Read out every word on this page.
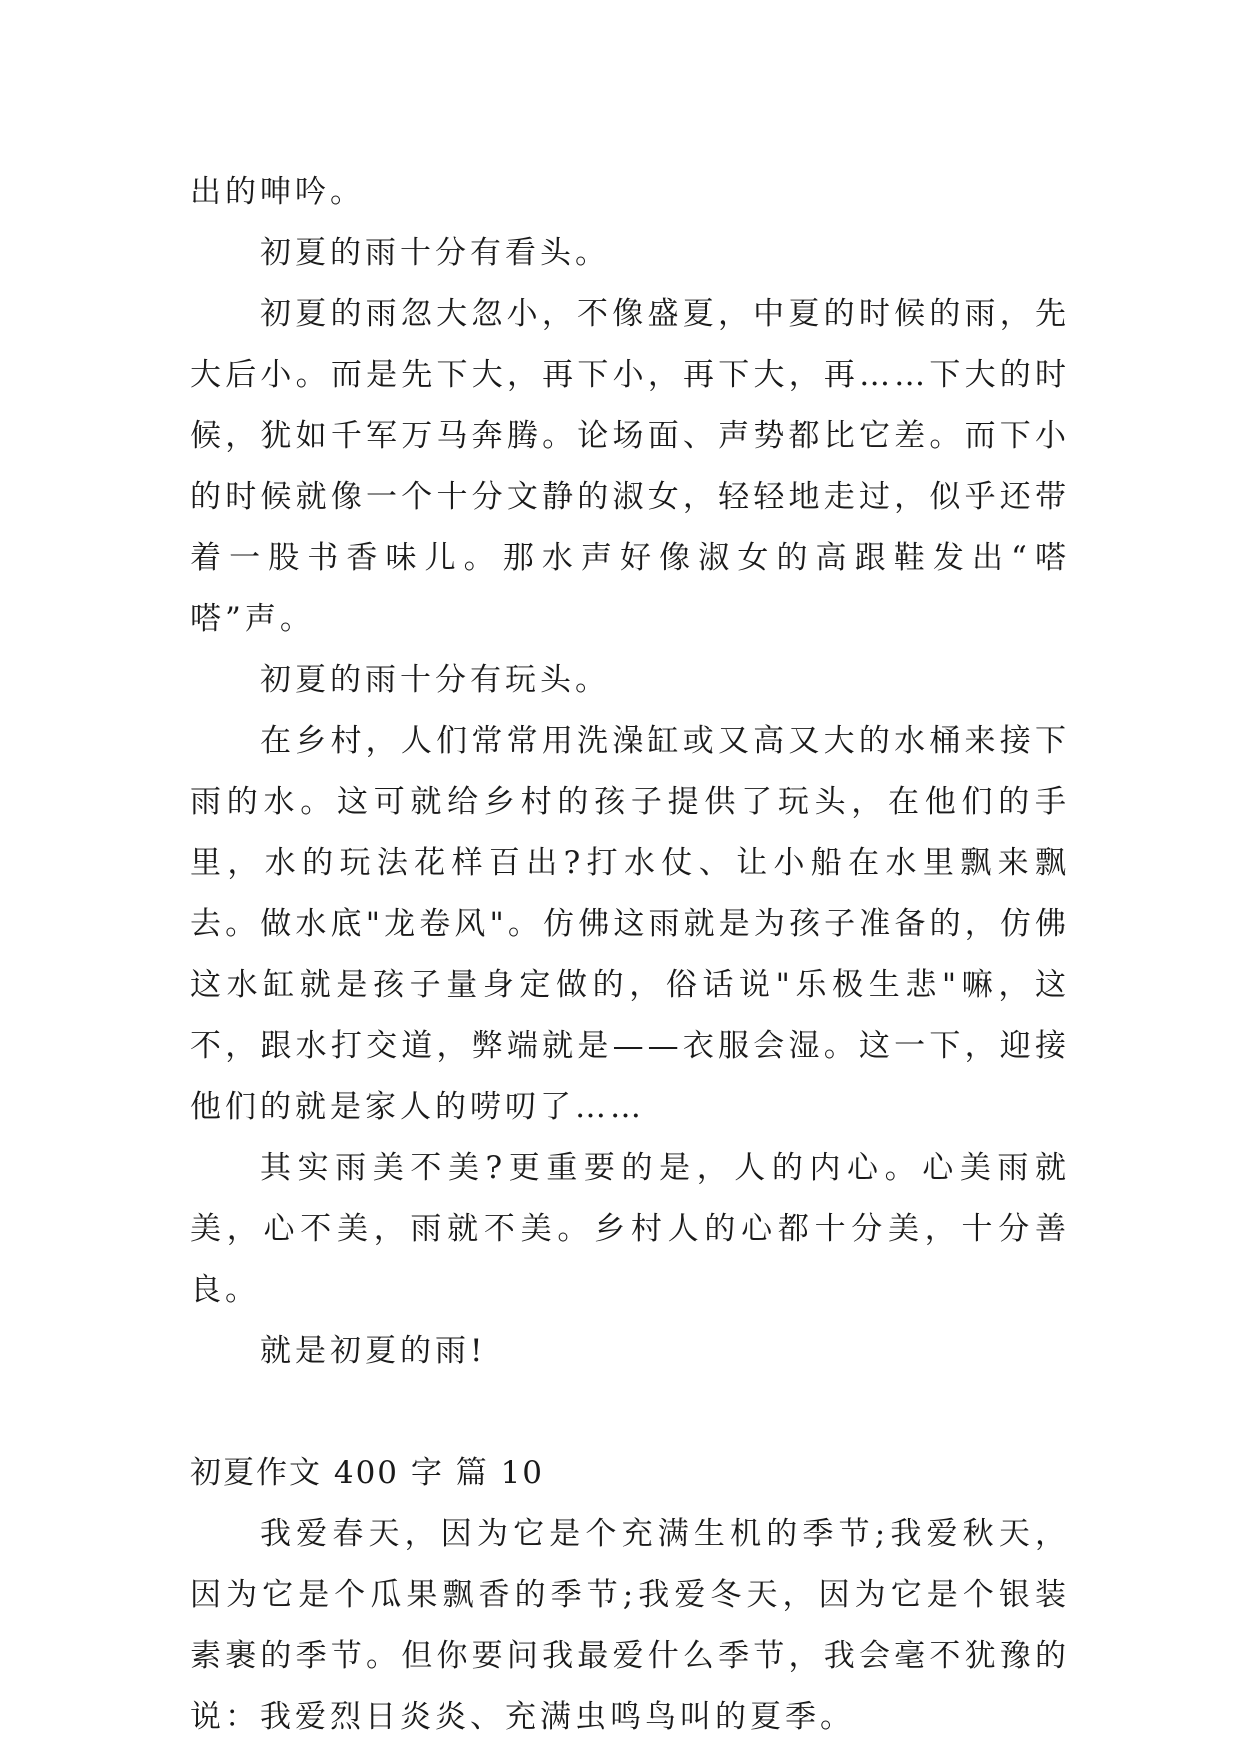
出的呻吟。

初夏的雨十分有看头。

初夏的雨忽大忽小，不像盛夏，中夏的时候的雨，先大后小。而是先下大，再下小，再下大，再……下大的时候，犹如千军万马奔腾。论场面、声势都比它差。而下小的时候就像一个十分文静的淑女，轻轻地走过，似乎还带着一股书香味儿。那水声好像淑女的高跟鞋发出“嗒嗒”声。

初夏的雨十分有玩头。

在乡村，人们常常用洗澡缸或又高又大的水桶来接下雨的水。这可就给乡村的孩子提供了玩头，在他们的手里，水的玩法花样百出?打水仗、让小船在水里飘来飘去。做水底"龙卷风"。仿佛这雨就是为孩子准备的，仿佛这水缸就是孩子量身定做的，俗话说"乐极生悲"嘛，这不，跟水打交道，弊端就是——衣服会湿。这一下，迎接他们的就是家人的唠叨了……

其实雨美不美?更重要的是，人的内心。心美雨就美，心不美，雨就不美。乡村人的心都十分美，十分善良。

就是初夏的雨!

初夏作文 400 字 篇 10

我爱春天，因为它是个充满生机的季节;我爱秋天，因为它是个瓜果飘香的季节;我爱冬天，因为它是个银装素裹的季节。但你要问我最爱什么季节，我会毫不犹豫的说：我爱烈日炎炎、充满虫鸣鸟叫的夏季。
